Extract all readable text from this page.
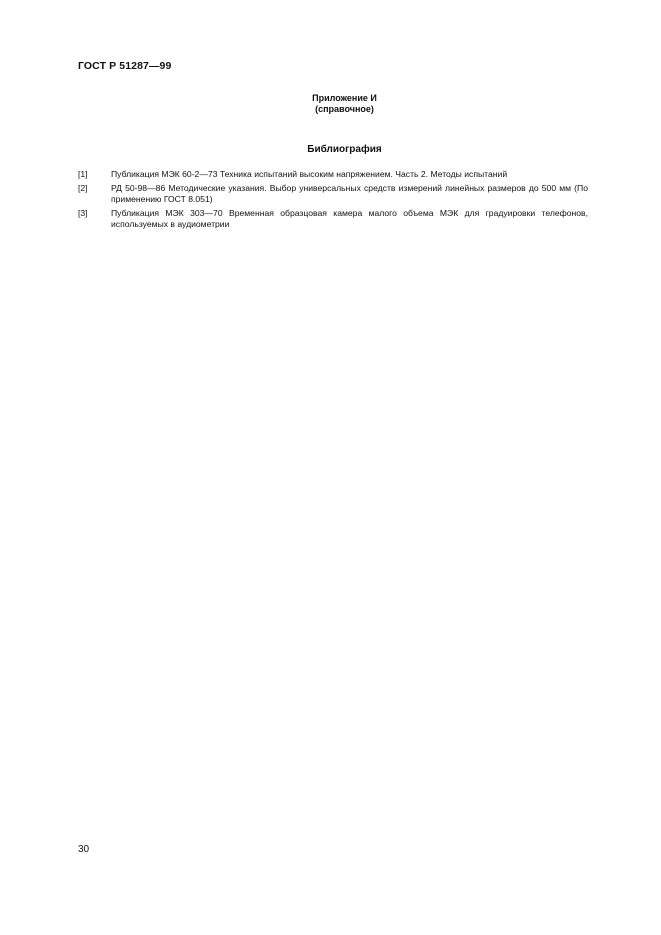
ГОСТ Р 51287—99
Приложение И
(справочное)
Библиография
[1]	Публикация МЭК 60-2—73 Техника испытаний высоким напряжением. Часть 2. Методы испытаний
[2]	РД 50-98—86 Методические указания. Выбор универсальных средств измерений линейных размеров до 500 мм (По применению ГОСТ 8.051)
[3]	Публикация МЭК 303—70 Временная образцовая камера малого объема МЭК для градуировки телефонов, используемых в аудиометрии
30
